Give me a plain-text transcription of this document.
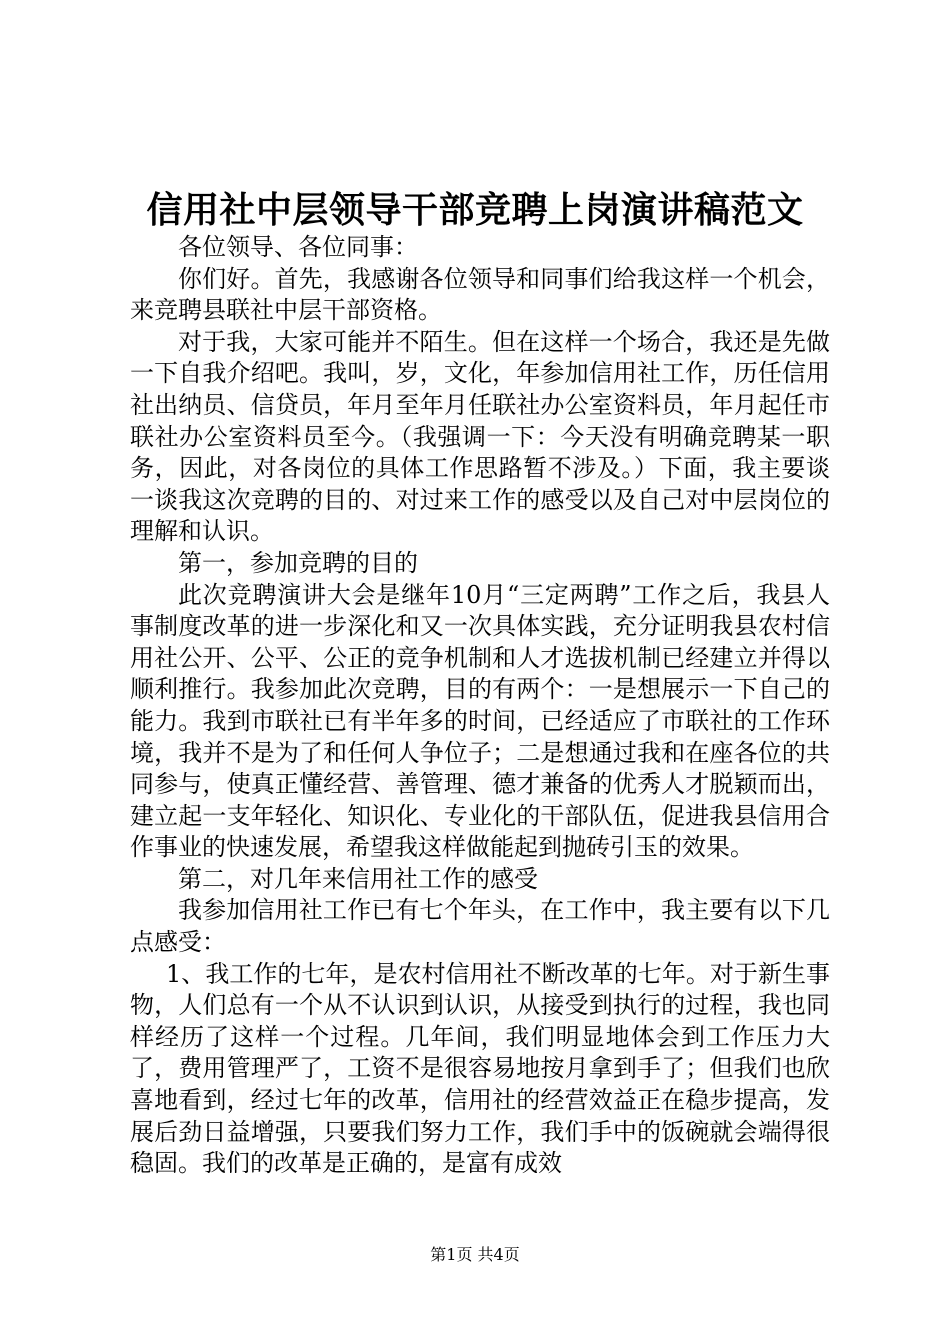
信用社中层领导干部竞聘上岗演讲稿范文

各位领导、各位同事：

你们好。首先，我感谢各位领导和同事们给我这样一个机会，来竞聘县联社中层干部资格。

对于我，大家可能并不陌生。但在这样一个场合，我还是先做一下自我介绍吧。我叫，岁，文化，年参加信用社工作，历任信用社出纳员、信贷员，年月至年月任联社办公室资料员，年月起任市联社办公室资料员至今。（我强调一下：今天没有明确竞聘某一职务，因此，对各岗位的具体工作思路暂不涉及。）下面，我主要谈一谈我这次竞聘的目的、对过来工作的感受以及自己对中层岗位的理解和认识。

第一，参加竞聘的目的

此次竞聘演讲大会是继年10月“三定两聘”工作之后，我县人事制度改革的进一步深化和又一次具体实践，充分证明我县农村信用社公开、公平、公正的竞争机制和人才选拔机制已经建立并得以顺利推行。我参加此次竞聘，目的有两个：一是想展示一下自己的能力。我到市联社已有半年多的时间，已经适应了市联社的工作环境，我并不是为了和任何人争位子；二是想通过我和在座各位的共同参与，使真正懂经营、善管理、德才兼备的优秀人才脱颖而出，建立起一支年轻化、知识化、专业化的干部队伍，促进我县信用合作事业的快速发展，希望我这样做能起到抛砖引玉的效果。

第二，对几年来信用社工作的感受

我参加信用社工作已有七个年头，在工作中，我主要有以下几点感受：

1、我工作的七年，是农村信用社不断改革的七年。对于新生事物，人们总有一个从不认识到认识，从接受到执行的过程，我也同样经历了这样一个过程。几年间，我们明显地体会到工作压力大了，费用管理严了，工资不是很容易地按月拿到手了；但我们也欣喜地看到，经过七年的改革，信用社的经营效益正在稳步提高，发展后劲日益增强，只要我们努力工作，我们手中的饭碗就会端得很稳固。我们的改革是正确的，是富有成效

第1页 共4页
